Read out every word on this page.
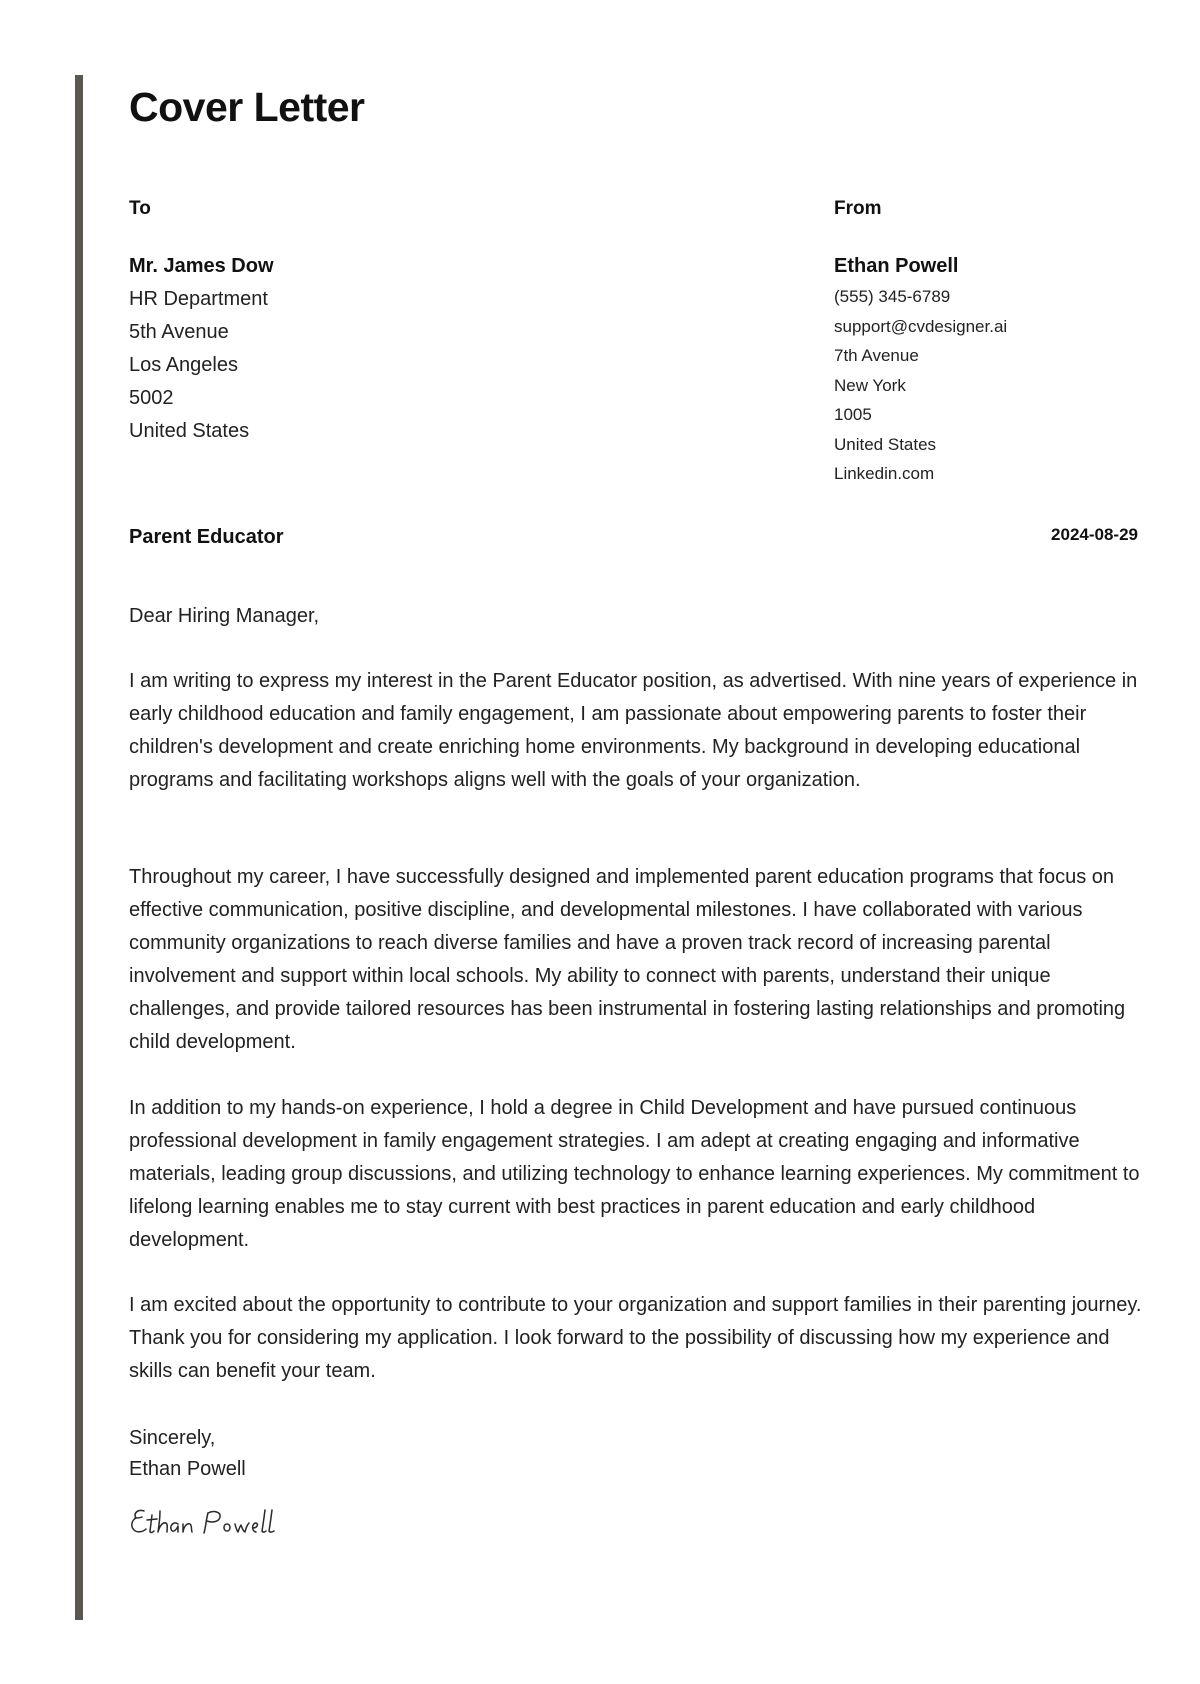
Cover Letter
To	From
Mr. James Dow
HR Department
5th Avenue
Los Angeles
5002
United States
Ethan Powell
(555) 345-6789
support@cvdesigner.ai
7th Avenue
New York
1005
United States
Linkedin.com
Parent Educator	2024-08-29
Dear Hiring Manager,
I am writing to express my interest in the Parent Educator position, as advertised. With nine years of experience in early childhood education and family engagement, I am passionate about empowering parents to foster their children's development and create enriching home environments. My background in developing educational programs and facilitating workshops aligns well with the goals of your organization.
Throughout my career, I have successfully designed and implemented parent education programs that focus on effective communication, positive discipline, and developmental milestones. I have collaborated with various community organizations to reach diverse families and have a proven track record of increasing parental involvement and support within local schools. My ability to connect with parents, understand their unique challenges, and provide tailored resources has been instrumental in fostering lasting relationships and promoting child development.
In addition to my hands-on experience, I hold a degree in Child Development and have pursued continuous professional development in family engagement strategies. I am adept at creating engaging and informative materials, leading group discussions, and utilizing technology to enhance learning experiences. My commitment to lifelong learning enables me to stay current with best practices in parent education and early childhood development.
I am excited about the opportunity to contribute to your organization and support families in their parenting journey. Thank you for considering my application. I look forward to the possibility of discussing how my experience and skills can benefit your team.
Sincerely,
Ethan Powell
